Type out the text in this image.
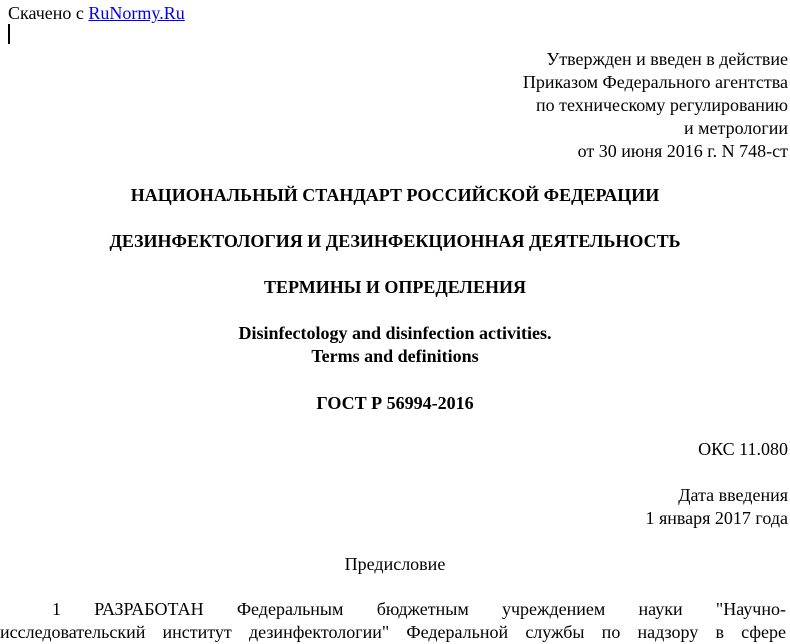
Скачено с RuNormy.Ru
Утвержден и введен в действие
Приказом Федерального агентства
по техническому регулированию
и метрологии
от 30 июня 2016 г. N 748-ст
НАЦИОНАЛЬНЫЙ СТАНДАРТ РОССИЙСКОЙ ФЕДЕРАЦИИ
ДЕЗИНФЕКТОЛОГИЯ И ДЕЗИНФЕКЦИОННАЯ ДЕЯТЕЛЬНОСТЬ
ТЕРМИНЫ И ОПРЕДЕЛЕНИЯ
Disinfectology and disinfection activities.
Terms and definitions
ГОСТ Р 56994-2016
ОКС 11.080
Дата введения
1 января 2017 года
Предисловие
1 РАЗРАБОТАН Федеральным бюджетным учреждением науки "Научно-
исследовательский институт дезинфектологии" Федеральной службы по надзору в сфере
